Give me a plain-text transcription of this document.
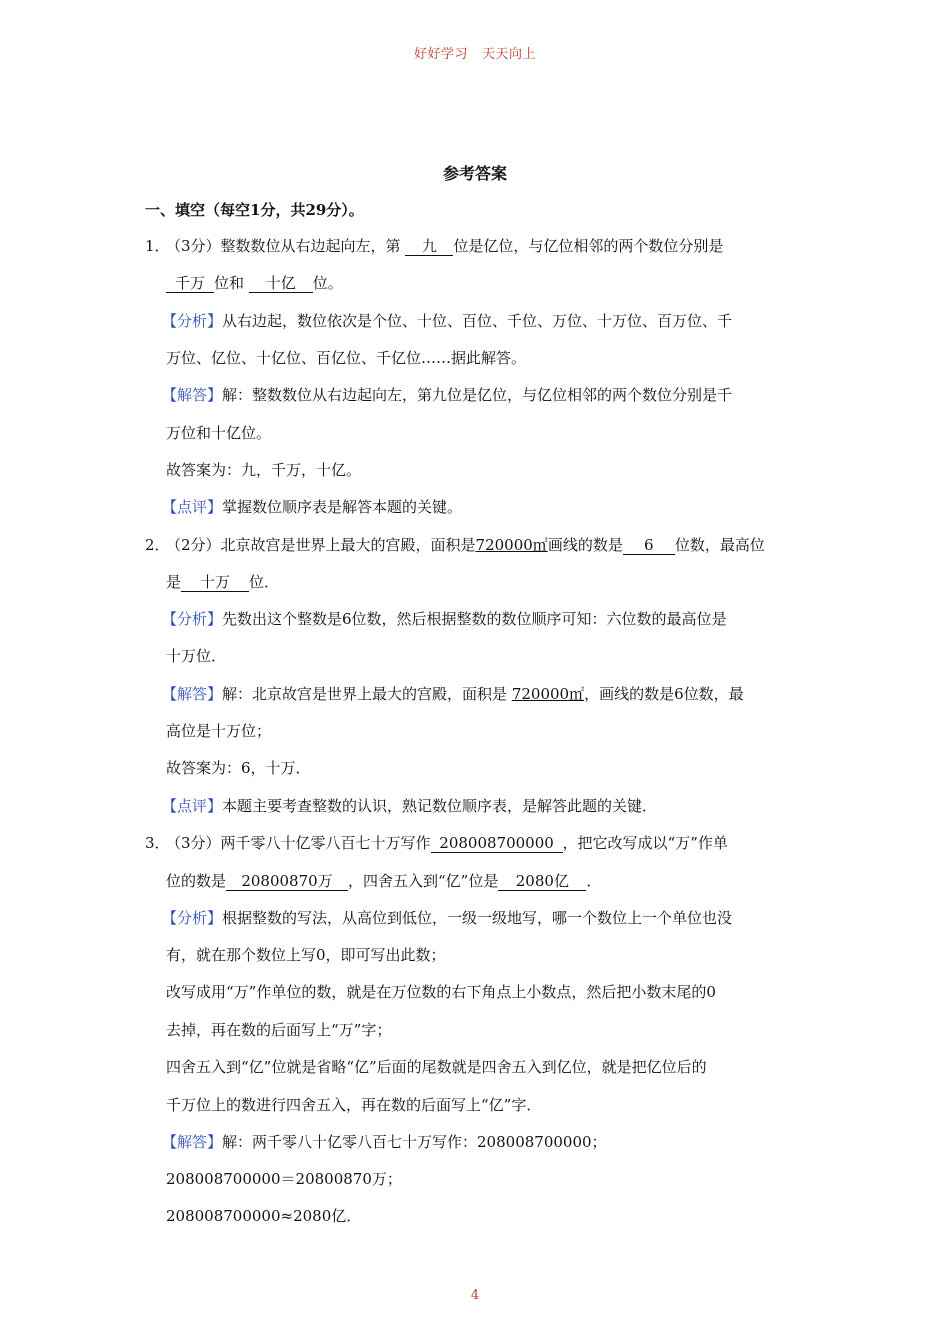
好好学习 天天向上
参考答案
一、填空（每空1分，共29分）。
1．
（3分）整数数位从右边起向左，第 九 位是亿位，与亿位相邻的两个数位分别是
千万 位和 十亿 位。
【分析】从右边起，数位依次是个位、十位、百位、千位、万位、十万位、百万位、千
万位、亿位、十亿位、百亿位、千亿位……据此解答。
【解答】解：整数数位从右边起向左，第九位是亿位，与亿位相邻的两个数位分别是千
万位和十亿位。
故答案为：九，千万，十亿。
【点评】掌握数位顺序表是解答本题的关键。
2．
（2分）北京故宫是世界上最大的宫殿，面积是720000㎡画线的数是 6 位数，最高位
是 十万 位．
【分析】先数出这个整数是6位数，然后根据整数的数位顺序可知：六位数的最高位是
十万位．
【解答】解：北京故宫是世界上最大的宫殿，面积是 720000㎡，画线的数是6位数，最
高位是十万位；
故答案为：6，十万．
【点评】本题主要考查整数的认识，熟记数位顺序表，是解答此题的关键．
3．
（3分）两千零八十亿零八百七十万写作 208008700000 ，把它改写成以“万”作单
位的数是 20800870万 ，四舍五入到“亿”位是 2080亿 ．
【分析】根据整数的写法，从高位到低位，一级一级地写，哪一个数位上一个单位也没
有，就在那个数位上写0，即可写出此数；
改写成用“万”作单位的数，就是在万位数的右下角点上小数点，然后把小数末尾的0
去掉，再在数的后面写上“万”字；
四舍五入到“亿”位就是省略“亿”后面的尾数就是四舍五入到亿位，就是把亿位后的
千万位上的数进行四舍五入，再在数的后面写上“亿”字．
【解答】解：两千零八十亿零八百七十万写作：208008700000；
208008700000＝20800870万；
208008700000≈2080亿．
4
